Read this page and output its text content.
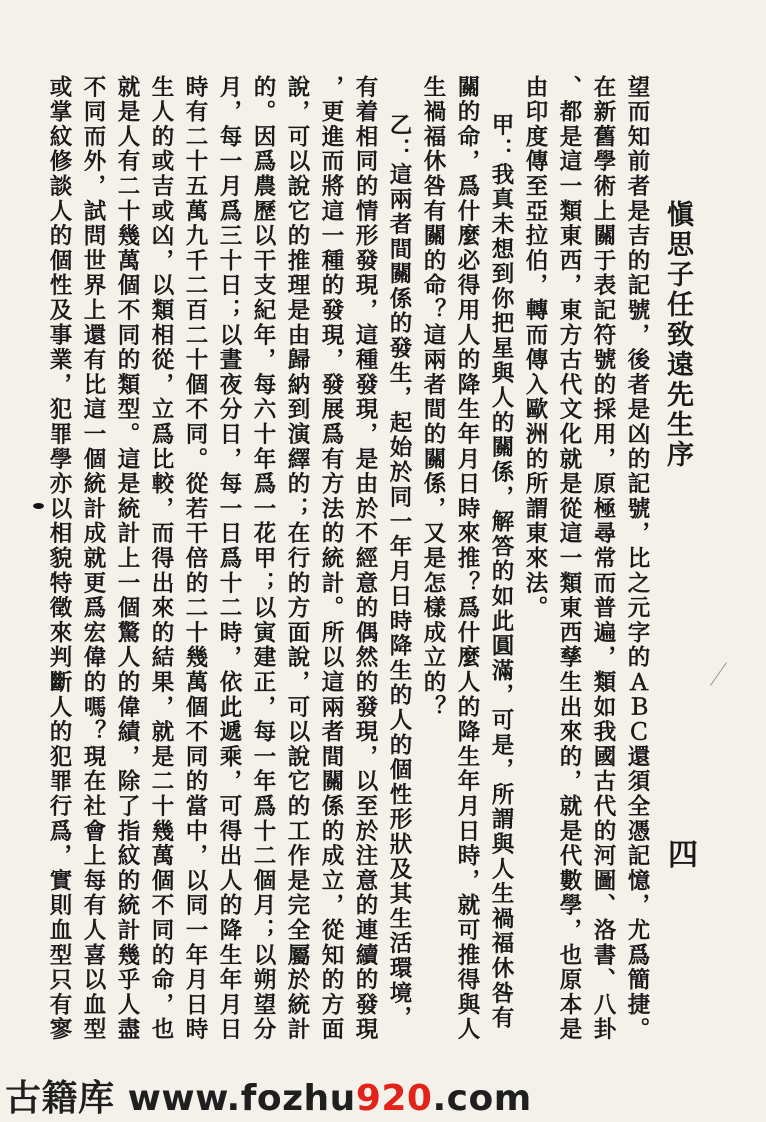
愼思子任致遠先生序
四
望而知前者是吉的記號，後者是凶的記號，比之元字的ＡＢＣ還須全憑記憶，尤爲簡捷。
在新舊學術上關于表記符號的採用，原極尋常而普遍，類如我國古代的河圖、洛書、八卦
、都是這一類東西，東方古代文化就是從這一類東西孳生出來的，就是代數學，也原本是
由印度傳至亞拉伯，轉而傳入歐洲的所謂東來法。
甲：我真未想到你把星與人的關係，解答的如此圓滿，可是，所謂與人生禍福休咎有
關的命，爲什麼必得用人的降生年月日時來推？爲什麼人的降生年月日時，就可推得與人
生禍福休咎有關的命？這兩者間的關係，又是怎樣成立的？
乙：這兩者間關係的發生，起始於同一年月日時降生的人的個性形狀及其生活環境，
有着相同的情形發現，這種發現，是由於不經意的偶然的發現，以至於注意的連續的發現
，更進而將這一種的發現，發展爲有方法的統計。所以這兩者間關係的成立，從知的方面
說，可以說它的推理是由歸納到演繹的；在行的方面說，可以說它的工作是完全屬於統計
的。因爲農歷以干支紀年，每六十年爲一花甲；以寅建正，每一年爲十二個月；以朔望分
月，每一月爲三十日；以晝夜分日，每一日爲十二時，依此遞乘，可得出人的降生年月日
時有二十五萬九千二百二十個不同。從若干倍的二十幾萬個不同的當中，以同一年月日時
生人的或吉或凶，以類相從，立爲比較，而得出來的結果，就是二十幾萬個不同的命，也
就是人有二十幾萬個不同的類型。這是統計上一個驚人的偉績，除了指紋的統計幾乎人盡
不同而外，試問世界上還有比這一個統計成就更爲宏偉的嗎？現在社會上每有人喜以血型
或掌紋修談人的個性及事業，犯罪學亦以相貌特徵來判斷人的犯罪行爲，實則血型只有寥
古籍库 www.fozhu920.com
